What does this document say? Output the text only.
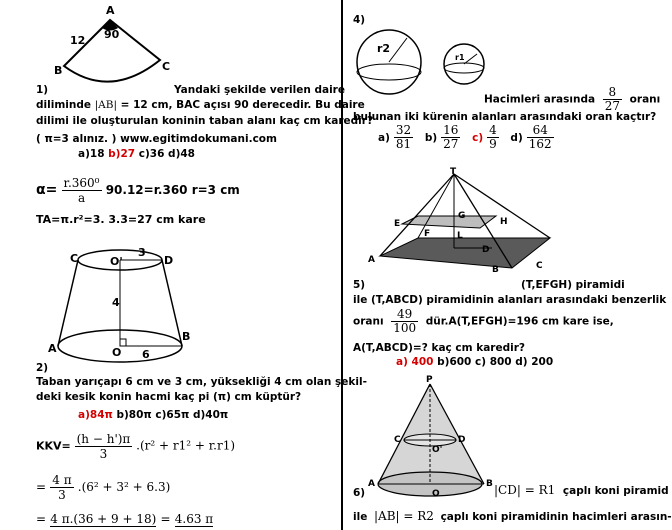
A
B	C
12 90
1)	Yandaki şekilde verilen daire
diliminde |AB| = 12 cm, BAC açısı 90 derecedir. Bu daire
dilimi ile oluşturulan koninin taban alanı kaç cm karedir?
( π=3 alınız. ) www.egitimdokumani.com
a)18 b)27 c)36 d)48
$\alpha= \frac{\text{r.360⁰}}{a} 90.12=r.360$ r=3 cm
TA=π.r²=3. 3.3=27 cm kare
C	O'	D
3
4
A	O
B
6
2)
Taban yarıçapı 6 cm ve 3 cm, yüksekliği 4 cm olan şekil-
deki kesik konin hacmi kaç pi (π) cm küptür?
a)84π b)80π c)65π d)40π
$KKV= \frac{(h - h')\pi}{3} .(r^2 + r1^2 + r.r1)$
= $\frac{4 \pi}{3} .(6^2 + 3^2 + 6.3)$
= 4 π.(36 + 9 + 18) = 4.63 π
4)
r2
r1
Hacimleri arasında $\frac{8}{27}$ oranı
bulunan iki kürenin alanları arasındaki oran kaçtır?
$a) \frac{32}{81} b) \frac{16}{27} c) \frac{4}{9} d) \frac{64}{162}$
T
E
G
H
F	L
D
A
B	C
5)	(T,EFGH) piramidi
ile (T,ABCD) piramidinin alanları arasındaki benzerlik
oranı $\frac{49}{100}$ dür.A(T,EFGH)=196 cm kare ise,
A(T,ABCD)=? kaç cm karedir?
a) 400 b)600 c) 800 d) 200
P
C
O'
D
A
O
B
6)	|CD| = R1 çaplı koni piramid
ile |AB| = R2 çaplı koni piramidinin hacimleri arasın-
